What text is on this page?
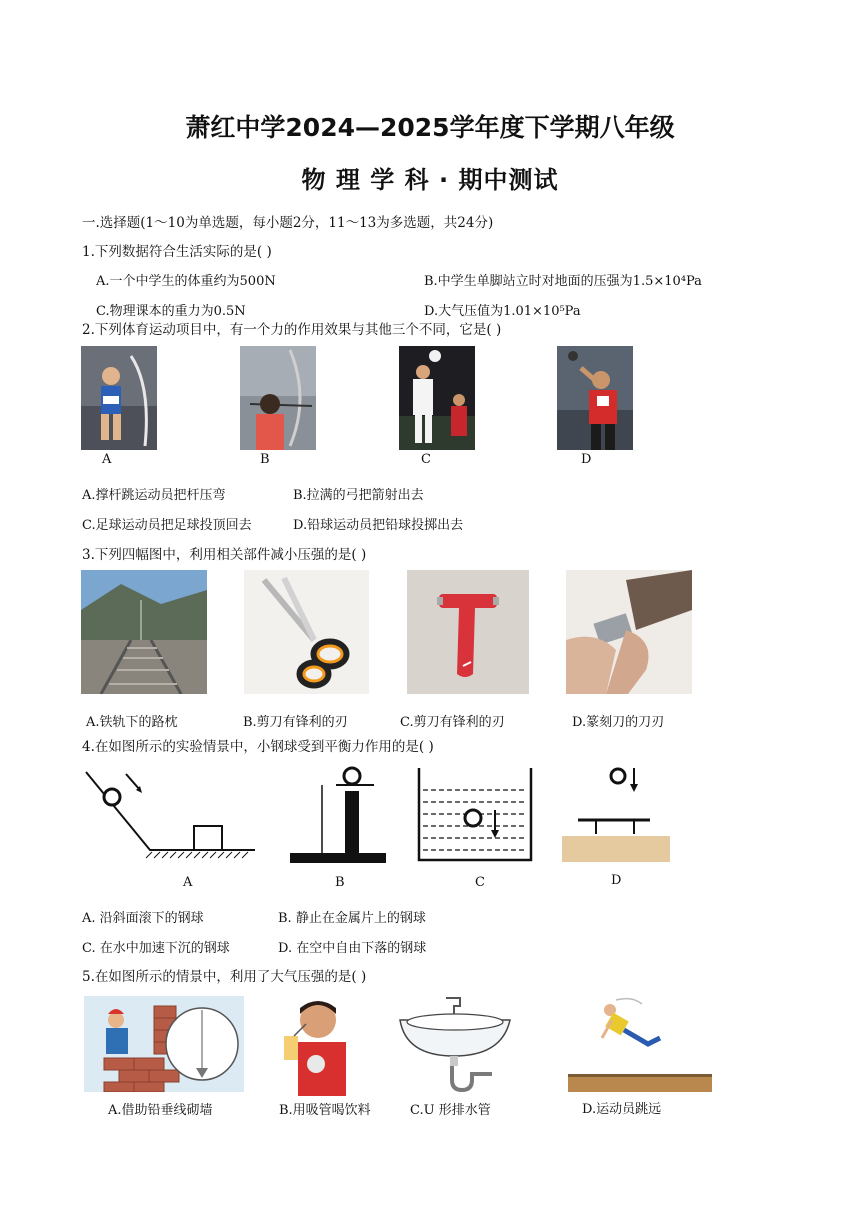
萧红中学2024—2025学年度下学期八年级
物 理 学 科 · 期中测试
一.选择题(1～10为单选题，每小题2分，11～13为多选题，共24分)
1.下列数据符合生活实际的是( )
A.一个中学生的体重约为500N	B.中学生单脚站立时对地面的压强为1.5×10⁴Pa
C.物理课本的重力为0.5N	D.大气压值为1.01×10⁵Pa
2.下列体育运动项目中，有一个力的作用效果与其他三个不同，它是( )
A	B	C	D
A.撑杆跳运动员把杆压弯	B.拉满的弓把箭射出去
C.足球运动员把足球投顶回去	D.铅球运动员把铅球投掷出去
3.下列四幅图中，利用相关部件减小压强的是( )
A.铁轨下的路枕	B.剪刀有锋利的刃	C.剪刀有锋利的刃	D.篆刻刀的刀刃
4.在如图所示的实验情景中，小钢球受到平衡力作用的是( )
A	B	C	D
A. 沿斜面滚下的钢球	B. 静止在金属片上的钢球
C. 在水中加速下沉的钢球	D. 在空中自由下落的钢球
5.在如图所示的情景中，利用了大气压强的是( )
A.借助铅垂线砌墙	B.用吸管喝饮料	C.U 形排水管	D.运动员跳远
